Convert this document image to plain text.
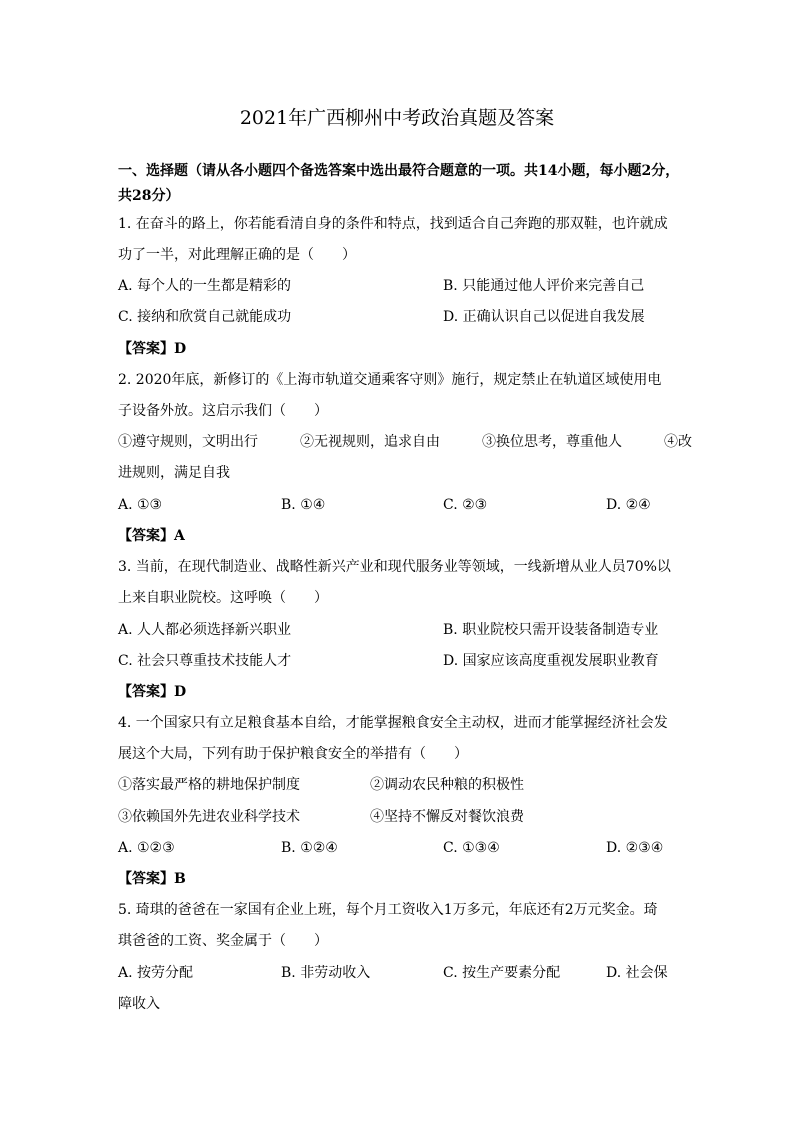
2021年广西柳州中考政治真题及答案
一、选择题（请从各小题四个备选答案中选出最符合题意的一项。共14小题，每小题2分，
共28分）
1. 在奋斗的路上，你若能看清自身的条件和特点，找到适合自己奔跑的那双鞋，也许就成
功了一半，对此理解正确的是（　　）
A. 每个人的一生都是精彩的	B. 只能通过他人评价来完善自己
C. 接纳和欣赏自己就能成功	D. 正确认识自己以促进自我发展
【答案】D
2. 2020年底，新修订的《上海市轨道交通乘客守则》施行，规定禁止在轨道区域使用电
子设备外放。这启示我们（　　）
①遵守规则，文明出行　　　②无视规则，追求自由　　　③换位思考，尊重他人　　　④改
进规则，满足自我
A. ①③	B. ①④	C. ②③	D. ②④
【答案】A
3. 当前，在现代制造业、战略性新兴产业和现代服务业等领域，一线新增从业人员70%以
上来自职业院校。这呼唤（　　）
A. 人人都必须选择新兴职业	B. 职业院校只需开设装备制造专业
C. 社会只尊重技术技能人才	D. 国家应该高度重视发展职业教育
【答案】D
4. 一个国家只有立足粮食基本自给，才能掌握粮食安全主动权，进而才能掌握经济社会发
展这个大局，下列有助于保护粮食安全的举措有（　　）
①落实最严格的耕地保护制度	②调动农民种粮的积极性
③依赖国外先进农业科学技术	④坚持不懈反对餐饮浪费
A. ①②③	B. ①②④	C. ①③④	D. ②③④
【答案】B
5. 琦琪的爸爸在一家国有企业上班，每个月工资收入1万多元，年底还有2万元奖金。琦
琪爸爸的工资、奖金属于（　　）
A. 按劳分配	B. 非劳动收入	C. 按生产要素分配	D. 社会保
障收入
